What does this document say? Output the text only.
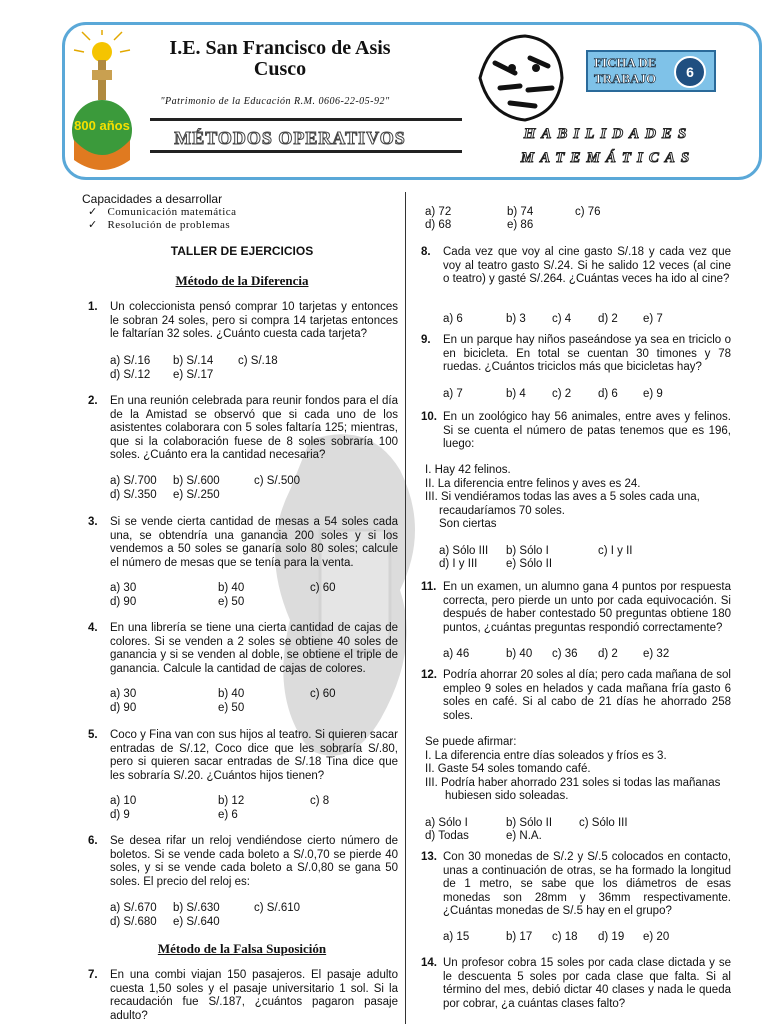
800 años
I.E. San Francisco de Asis
Cusco
"Patrimonio de la Educación R.M. 0606-22-05-92"
MÉTODOS OPERATIVOS
FICHA DE TRABAJO	6
HABILIDADES
MATEMÁTICAS
Capacidades a desarrollar
✓   Comunicación matemática
✓   Resolución de problemas
TALLER DE EJERCICIOS
Método de la Diferencia
1. Un coleccionista pensó comprar 10 tarjetas y entonces le sobran 24 soles, pero si compra 14 tarjetas entonces le faltarían 32 soles. ¿Cuánto cuesta cada tarjeta?
a) S/.16 b) S/.14 c) S/.18
d) S/.12 e) S/.17
2. En una reunión celebrada para reunir fondos para el día de la Amistad se observó que si cada uno de los asistentes colaborara con 5 soles faltaría 125; mientras, que si la colaboración fuese de 8 soles sobraría 100 soles. ¿Cuánto era la cantidad necesaria?
a) S/.700 b) S/.600	c) S/.500
d) S/.350 e) S/.250
3. Si se vende cierta cantidad de mesas a 54 soles cada una, se obtendría una ganancia 200 soles y si los vendemos a 50 soles se ganaría solo 80 soles; calcule el número de mesas que se tenía para la venta.
a) 30	b) 40	c) 60
d) 90	e) 50
4. En una librería se tiene una cierta cantidad de cajas de colores. Si se venden a 2 soles se obtiene 40 soles de ganancia y si se venden al doble, se obtiene el triple de ganancia. Calcule la cantidad de cajas de colores.
a) 30	b) 40	c) 60
d) 90	e) 50
5. Coco y Fina van con sus hijos al teatro. Si quieren sacar entradas de S/.12, Coco dice que les sobraría S/.80, pero si quieren sacar entradas de S/.18 Tina dice que les sobraría S/.20. ¿Cuántos hijos tienen?
a) 10	b) 12	c) 8
d) 9	e) 6
6. Se desea rifar un reloj vendiéndose cierto número de boletos. Si se vende cada boleto a S/.0,70 se pierde 40 soles, y si se vende cada boleto a S/.0,80 se gana 50 soles. El precio del reloj es:
a) S/.670 b) S/.630	c) S/.610
d) S/.680 e) S/.640
Método de la Falsa Suposición
7. En una combi viajan 150 pasajeros. El pasaje adulto cuesta 1,50 soles y el pasaje universitario 1 sol. Si la recaudación fue S/.187, ¿cuántos pagaron pasaje adulto?
a) 72	b) 74	c) 76
d) 68	e) 86
8. Cada vez que voy al cine gasto S/.18 y cada vez que voy al teatro gasto S/.24. Si he salido 12 veces (al cine o teatro) y gasté S/.264. ¿Cuántas veces ha ido al cine?
a) 6	b) 3 c) 4 d) 2 e) 7
9. En un parque hay niños paseándose ya sea en triciclo o en bicicleta. En total se cuentan 30 timones y 78 ruedas. ¿Cuántos triciclos más que bicicletas hay?
a) 7	b) 4 c) 2 d) 6 e) 9
10. En un zoológico hay 56 animales, entre aves y felinos. Si se cuenta el número de patas tenemos que es 196, luego:
I. Hay 42 felinos.
II. La diferencia entre felinos y aves es 24.
III. Si vendiéramos todas las aves a 5 soles cada una, recaudaríamos 70 soles.
Son ciertas
a) Sólo III b) Sólo I	c) I y II
d) I y III e) Sólo II
11. En un examen, un alumno gana 4 puntos por respuesta correcta, pero pierde un unto por cada equivocación. Si después de haber contestado 50 preguntas obtiene 180 puntos, ¿cuántas preguntas respondió correctamente?
a) 46	b) 40 c) 36 d) 2 e) 32
12. Podría ahorrar 20 soles al día; pero cada mañana de sol empleo 9 soles en helados y cada mañana fría gasto 6 soles en café. Si al cabo de 21 días he ahorrado 258 soles.
Se puede afirmar:
I. La diferencia entre días soleados y fríos es 3.
II. Gaste 54 soles tomando café.
III. Podría haber ahorrado 231 soles si todas las mañanas hubiesen sido soleadas.
a) Sólo I	b) Sólo II c) Sólo III
d) Todas	e) N.A.
13. Con 30 monedas de S/.2 y S/.5 colocados en contacto, unas a continuación de otras, se ha formado la longitud de 1 metro, se sabe que los diámetros de esas monedas son 28mm y 36mm respectivamente. ¿Cuántas monedas de S/.5 hay en el grupo?
a) 15	b) 17 c) 18 d) 19 e) 20
14. Un profesor cobra 15 soles por cada clase dictada y se le descuenta 5 soles por cada clase que falta. Si al término del mes, debió dictar 40 clases y nada le queda por cobrar, ¿a cuántas clases falto?
